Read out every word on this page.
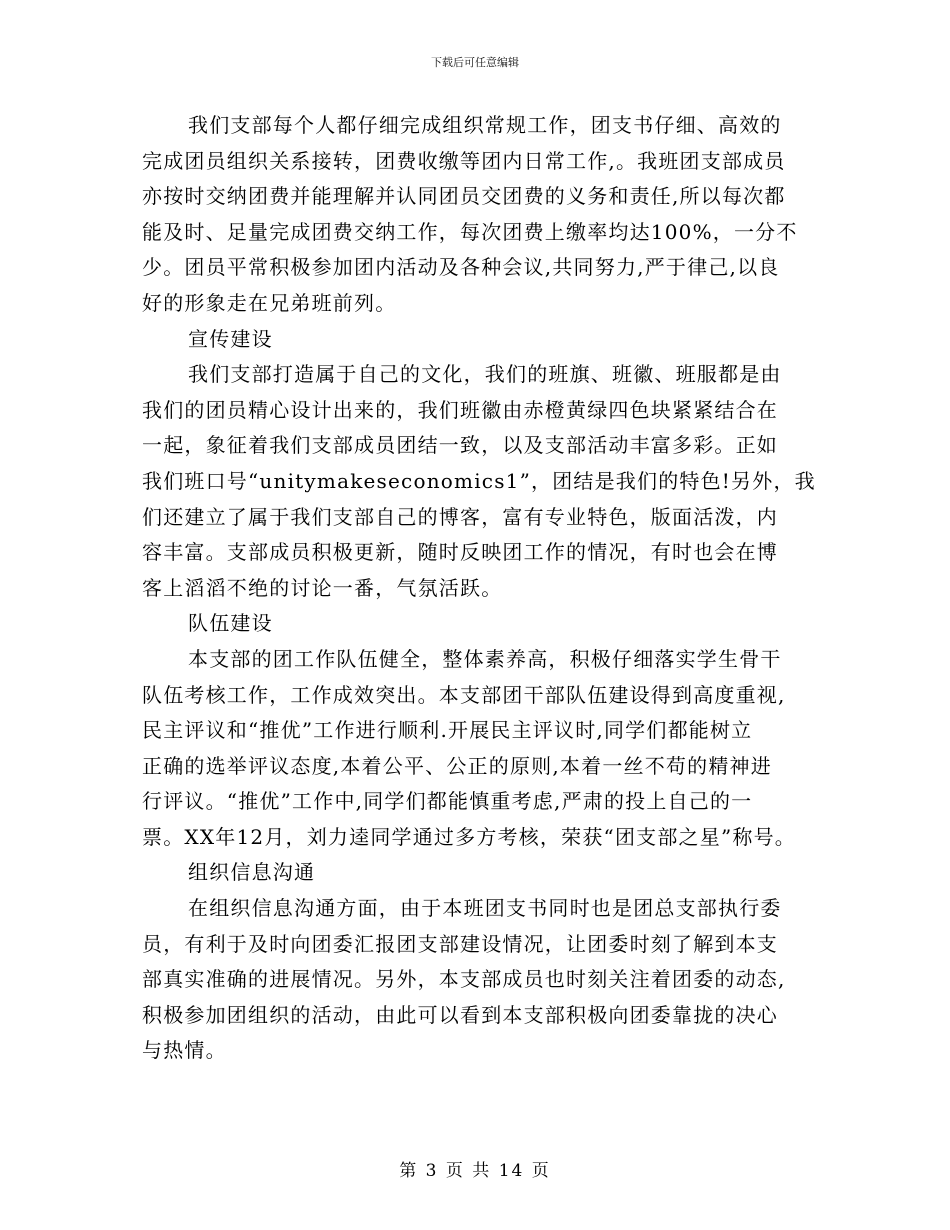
下载后可任意编辑
我们支部每个人都仔细完成组织常规工作，团支书仔细、高效的
完成团员组织关系接转，团费收缴等团内日常工作,。我班团支部成员
亦按时交纳团费并能理解并认同团员交团费的义务和责任,所以每次都
能及时、足量完成团费交纳工作，每次团费上缴率均达100%，一分不
少。团员平常积极参加团内活动及各种会议,共同努力,严于律己,以良
好的形象走在兄弟班前列。
宣传建设
我们支部打造属于自己的文化，我们的班旗、班徽、班服都是由
我们的团员精心设计出来的，我们班徽由赤橙黄绿四色块紧紧结合在
一起，象征着我们支部成员团结一致，以及支部活动丰富多彩。正如
我们班口号“unitymakeseconomics1”，团结是我们的特色!另外，我
们还建立了属于我们支部自己的博客，富有专业特色，版面活泼，内
容丰富。支部成员积极更新，随时反映团工作的情况，有时也会在博
客上滔滔不绝的讨论一番，气氛活跃。
队伍建设
本支部的团工作队伍健全，整体素养高，积极仔细落实学生骨干
队伍考核工作，工作成效突出。本支部团干部队伍建设得到高度重视,
民主评议和“推优”工作进行顺利.开展民主评议时,同学们都能树立
正确的选举评议态度,本着公平、公正的原则,本着一丝不苟的精神进
行评议。“推优”工作中,同学们都能慎重考虑,严肃的投上自己的一
票。XX年12月，刘力逵同学通过多方考核，荣获“团支部之星”称号。
组织信息沟通
在组织信息沟通方面，由于本班团支书同时也是团总支部执行委
员，有利于及时向团委汇报团支部建设情况，让团委时刻了解到本支
部真实准确的进展情况。另外，本支部成员也时刻关注着团委的动态,
积极参加团组织的活动，由此可以看到本支部积极向团委靠拢的决心
与热情。
第 3 页 共 14 页
